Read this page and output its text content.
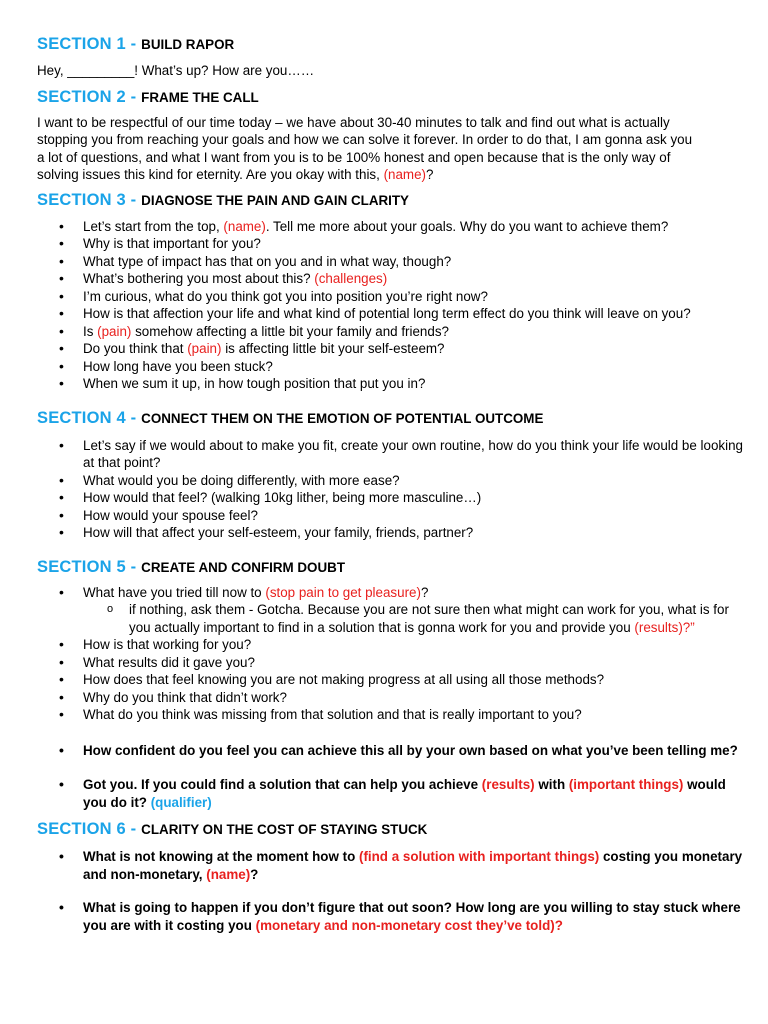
SECTION 1 - BUILD RAPOR

Hey, _________! What’s up? How are you……

SECTION 2 - FRAME THE CALL

I want to be respectful of our time today – we have about 30-40 minutes to talk and find out what is actually stopping you from reaching your goals and how we can solve it forever. In order to do that, I am gonna ask you a lot of questions, and what I want from you is to be 100% honest and open because that is the only way of solving issues this kind for eternity. Are you okay with this, (name)?

SECTION 3 - DIAGNOSE THE PAIN AND GAIN CLARITY
• Let’s start from the top, (name). Tell me more about your goals. Why do you want to achieve them?
• Why is that important for you?
• What type of impact has that on you and in what way, though?
• What’s bothering you most about this? (challenges)
• I’m curious, what do you think got you into position you’re right now?
• How is that affection your life and what kind of potential long term effect do you think will leave on you?
• Is (pain) somehow affecting a little bit your family and friends?
• Do you think that (pain) is affecting little bit your self-esteem?
• How long have you been stuck?
• When we sum it up, in how tough position that put you in?
SECTION 4 - CONNECT THEM ON THE EMOTION OF POTENTIAL OUTCOME
• Let’s say if we would about to make you fit, create your own routine, how do you think your life would be looking at that point?
• What would you be doing differently, with more ease?
• How would that feel? (walking 10kg lither, being more masculine…)
• How would your spouse feel?
• How will that affect your self-esteem, your family, friends, partner?
SECTION 5 - CREATE AND CONFIRM DOUBT
• What have you tried till now to (stop pain to get pleasure)?
o if nothing, ask them - Gotcha. Because you are not sure then what might can work for you, what is for you actually important to find in a solution that is gonna work for you and provide you (results)?”
• How is that working for you?
• What results did it gave you?
• How does that feel knowing you are not making progress at all using all those methods?
• Why do you think that didn’t work?
• What do you think was missing from that solution and that is really important to you?
• How confident do you feel you can achieve this all by your own based on what you’ve been telling me?
• Got you. If you could find a solution that can help you achieve (results) with (important things) would you do it? (qualifier)
SECTION 6 - CLARITY ON THE COST OF STAYING STUCK
• What is not knowing at the moment how to (find a solution with important things) costing you monetary and non-monetary, (name)?
• What is going to happen if you don’t figure that out soon? How long are you willing to stay stuck where you are with it costing you (monetary and non-monetary cost they’ve told)?
